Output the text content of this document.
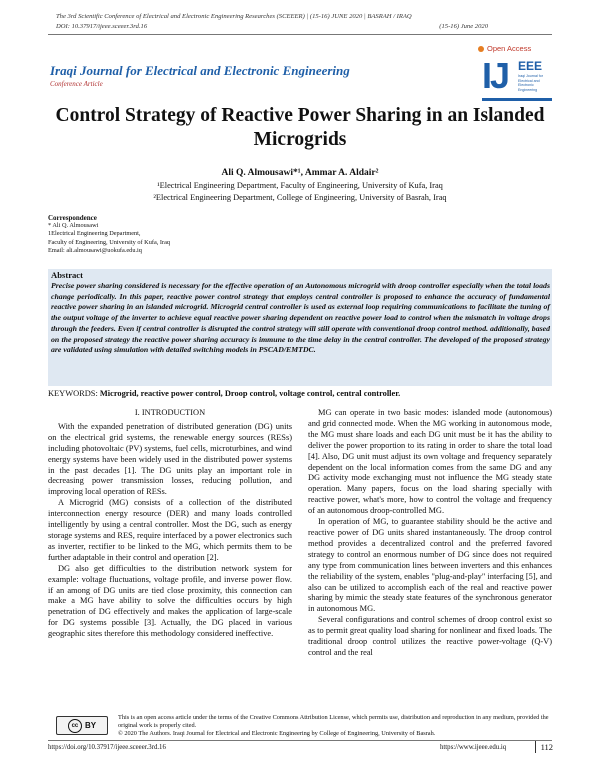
The 3rd Scientific Conference of Electrical and Electronic Engineering Researches (SCEEER) | (15-16) JUNE 2020 | BASRAH / IRAQ
DOI: 10.37917/ijeee.sceeer.3rd.16	(15-16) June 2020
Open Access
Iraqi Journal for Electrical and Electronic Engineering
Conference Article	IJ EEE
Iraqi Journal for Electrical and Electronic Engineering
Control Strategy of Reactive Power Sharing in an Islanded Microgrids
Ali Q. Almousawi*¹, Ammar A. Aldair²
¹Electrical Engineering Department, Faculty of Engineering, University of Kufa, Iraq
²Electrical Engineering Department, College of Engineering, University of Basrah, Iraq
Correspondence
* Ali Q. Almousawi
1Electrical Engineering Department,
Faculty of Engineering, University of Kufa, Iraq
Email: ali.almousawi@uokufa.edu.iq
Abstract
Precise power sharing considered is necessary for the effective operation of an Autonomous microgrid with droop controller especially when the total loads change periodically. In this paper, reactive power control strategy that employs central controller is proposed to enhance the accuracy of fundamental reactive power sharing in an islanded microgrid. Microgrid central controller is used as external loop requiring communications to facilitate the tuning of the output voltage of the inverter to achieve equal reactive power sharing dependent on reactive power load to control when the mismatch in voltage drops through the feeders. Even if central controller is disrupted the control strategy will still operate with conventional droop control method. additionally, based on the proposed strategy the reactive power sharing accuracy is immune to the time delay in the central controller. The developed of the proposed strategy are validated using simulation with detailed switching models in PSCAD/EMTDC.
KEYWORDS: Microgrid, reactive power control, Droop control, voltage control, central controller.

I. INTRODUCTION

With the expanded penetration of distributed generation (DG) units on the electrical grid systems, the renewable energy sources (RESs) including photovoltaic (PV) systems, fuel cells, microturbines, and wind energy systems have been widely used in the distributed power systems in the past decades [1]. The DG units play an important role in decreasing power transmission losses, reducing pollution, and improving local operation of RESs.

A Microgrid (MG) consists of a collection of the distributed interconnection energy resource (DER) and many loads controlled intelligently by using a central controller. Most the DG, such as energy storage systems and RES, require interfaced by a power electronics such as inverter, rectifier to be linked to the MG, which permits them to be further adaptable in their control and operation [2].

DG also get difficulties to the distribution network system for example: voltage fluctuations, voltage profile, and inverse power flow. if an among of DG units are tied close proximity, this connection can make a MG have ability to solve the difficulties occurs by high penetration of DG effectively and makes the application of large-scale for DG systems possible [3]. Actually, the DG placed in various geographic sites therefore this methodology considered ineffective.

MG can operate in two basic modes: islanded mode (autonomous) and grid connected mode. When the MG working in autonomous mode, the MG must share loads and each DG unit must be it has the ability to deliver the power proportion to its rating in order to share the total load [4]. Also, DG unit must adjust its own voltage and frequency separately dependent on the local information comes from the same DG and any DG activity mode exchanging must not influence the MG steady state operation. Many papers, focus on the load sharing specially with reactive power, what's more, how to control the voltage and frequency of an autonomous droop-controlled MG.

In operation of MG, to guarantee stability should be the active and reactive power of DG units shared instantaneously. The droop control method provides a decentralized control and the preferred favored strategy to control an enormous number of DG since does not required any type from communication lines between inverters and this enhances the reliability of the system, enables "plug-and-play" interfacing [5], and also can be utilized to accomplish each of the real and reactive power sharing by mimic the steady state features of the synchronous generator in autonomous MG.

Several configurations and control schemes of droop control exist so as to permit great quality load sharing for nonlinear and fixed loads. The traditional droop control utilizes the reactive power-voltage (Q-V) control and the real

cc BY
This is an open access article under the terms of the Creative Commons Attribution License, which permits use, distribution and reproduction in any medium, provided the original work is properly cited.
© 2020 The Authors. Iraqi Journal for Electrical and Electronic Engineering by College of Engineering, University of Basrah.
https://doi.org/10.37917/ijeee.sceeer.3rd.16	https://www.ijeee.edu.iq	112
